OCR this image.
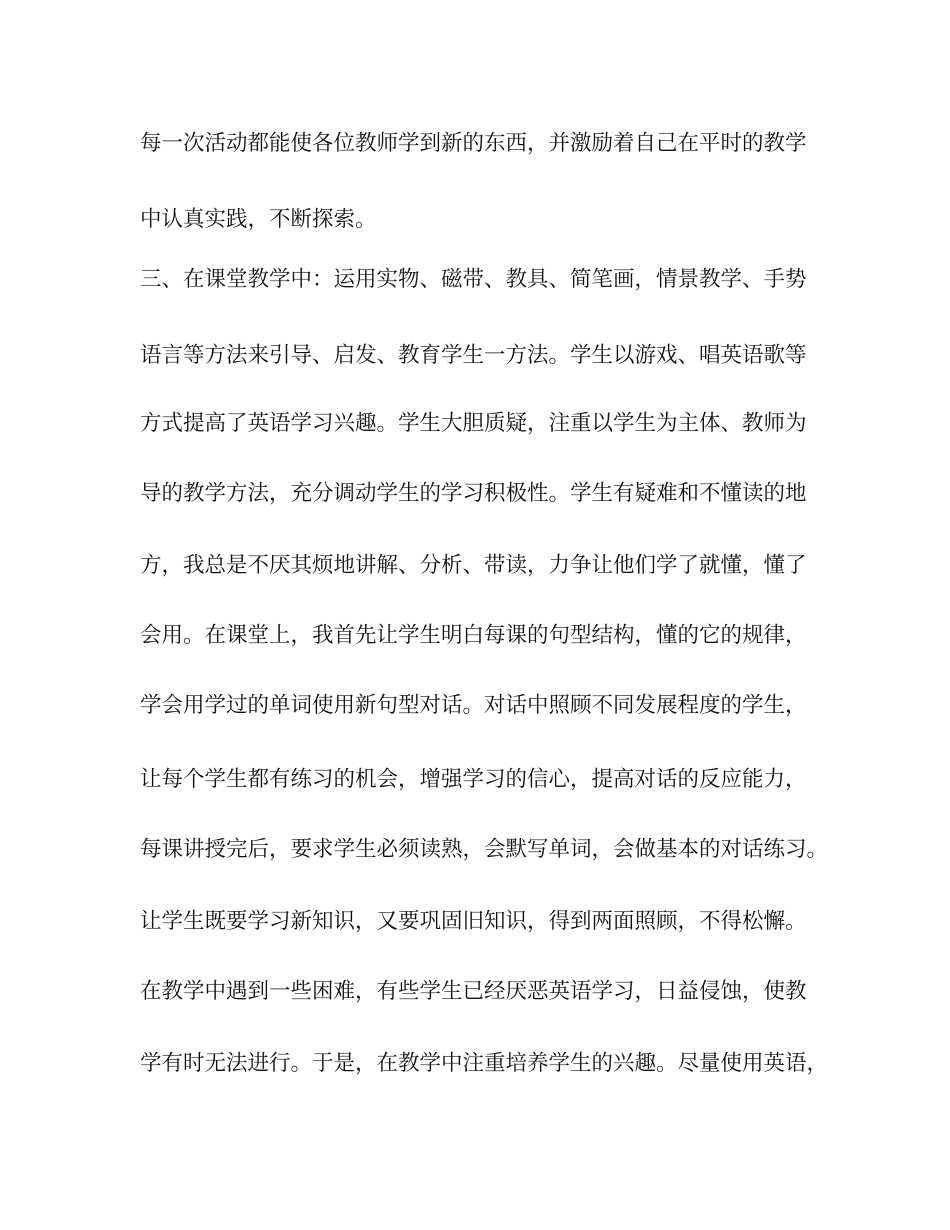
每一次活动都能使各位教师学到新的东西，并激励着自己在平时的教学
中认真实践，不断探索。
三、在课堂教学中：运用实物、磁带、教具、简笔画，情景教学、手势
语言等方法来引导、启发、教育学生一方法。学生以游戏、唱英语歌等
方式提高了英语学习兴趣。学生大胆质疑，注重以学生为主体、教师为
导的教学方法，充分调动学生的学习积极性。学生有疑难和不懂读的地
方，我总是不厌其烦地讲解、分析、带读，力争让他们学了就懂，懂了
会用。在课堂上，我首先让学生明白每课的句型结构，懂的它的规律，
学会用学过的单词使用新句型对话。对话中照顾不同发展程度的学生，
让每个学生都有练习的机会，增强学习的信心，提高对话的反应能力，
每课讲授完后，要求学生必须读熟，会默写单词，会做基本的对话练习。
让学生既要学习新知识，又要巩固旧知识，得到两面照顾，不得松懈。
在教学中遇到一些困难，有些学生已经厌恶英语学习，日益侵蚀，使教
学有时无法进行。于是，在教学中注重培养学生的兴趣。尽量使用英语，
